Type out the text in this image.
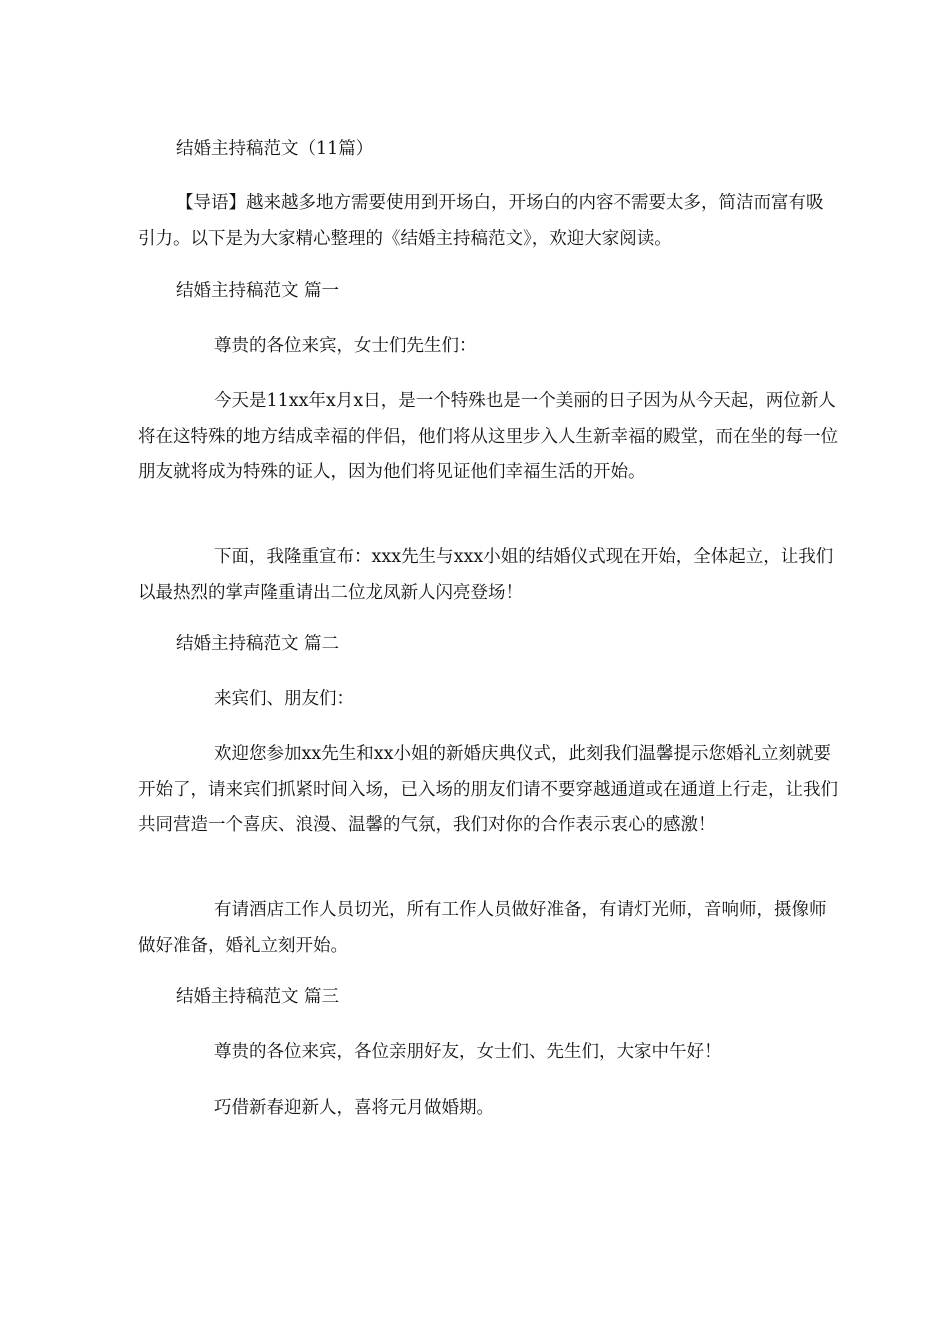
结婚主持稿范文（11篇）
【导语】越来越多地方需要使用到开场白，开场白的内容不需要太多，简洁而富有吸引力。以下是为大家精心整理的《结婚主持稿范文》，欢迎大家阅读。
结婚主持稿范文 篇一
尊贵的各位来宾，女士们先生们：
今天是11xx年x月x日，是一个特殊也是一个美丽的日子因为从今天起，两位新人将在这特殊的地方结成幸福的伴侣，他们将从这里步入人生新幸福的殿堂，而在坐的每一位朋友就将成为特殊的证人，因为他们将见证他们幸福生活的开始。
下面，我隆重宣布：xxx先生与xxx小姐的结婚仪式现在开始，全体起立，让我们以最热烈的掌声隆重请出二位龙凤新人闪亮登场！
结婚主持稿范文 篇二
来宾们、朋友们：
欢迎您参加xx先生和xx小姐的新婚庆典仪式，此刻我们温馨提示您婚礼立刻就要开始了，请来宾们抓紧时间入场，已入场的朋友们请不要穿越通道或在通道上行走，让我们共同营造一个喜庆、浪漫、温馨的气氛，我们对你的合作表示衷心的感激！
有请酒店工作人员切光，所有工作人员做好准备，有请灯光师，音响师，摄像师做好准备，婚礼立刻开始。
结婚主持稿范文 篇三
尊贵的各位来宾，各位亲朋好友，女士们、先生们，大家中午好！
巧借新春迎新人，喜将元月做婚期。
